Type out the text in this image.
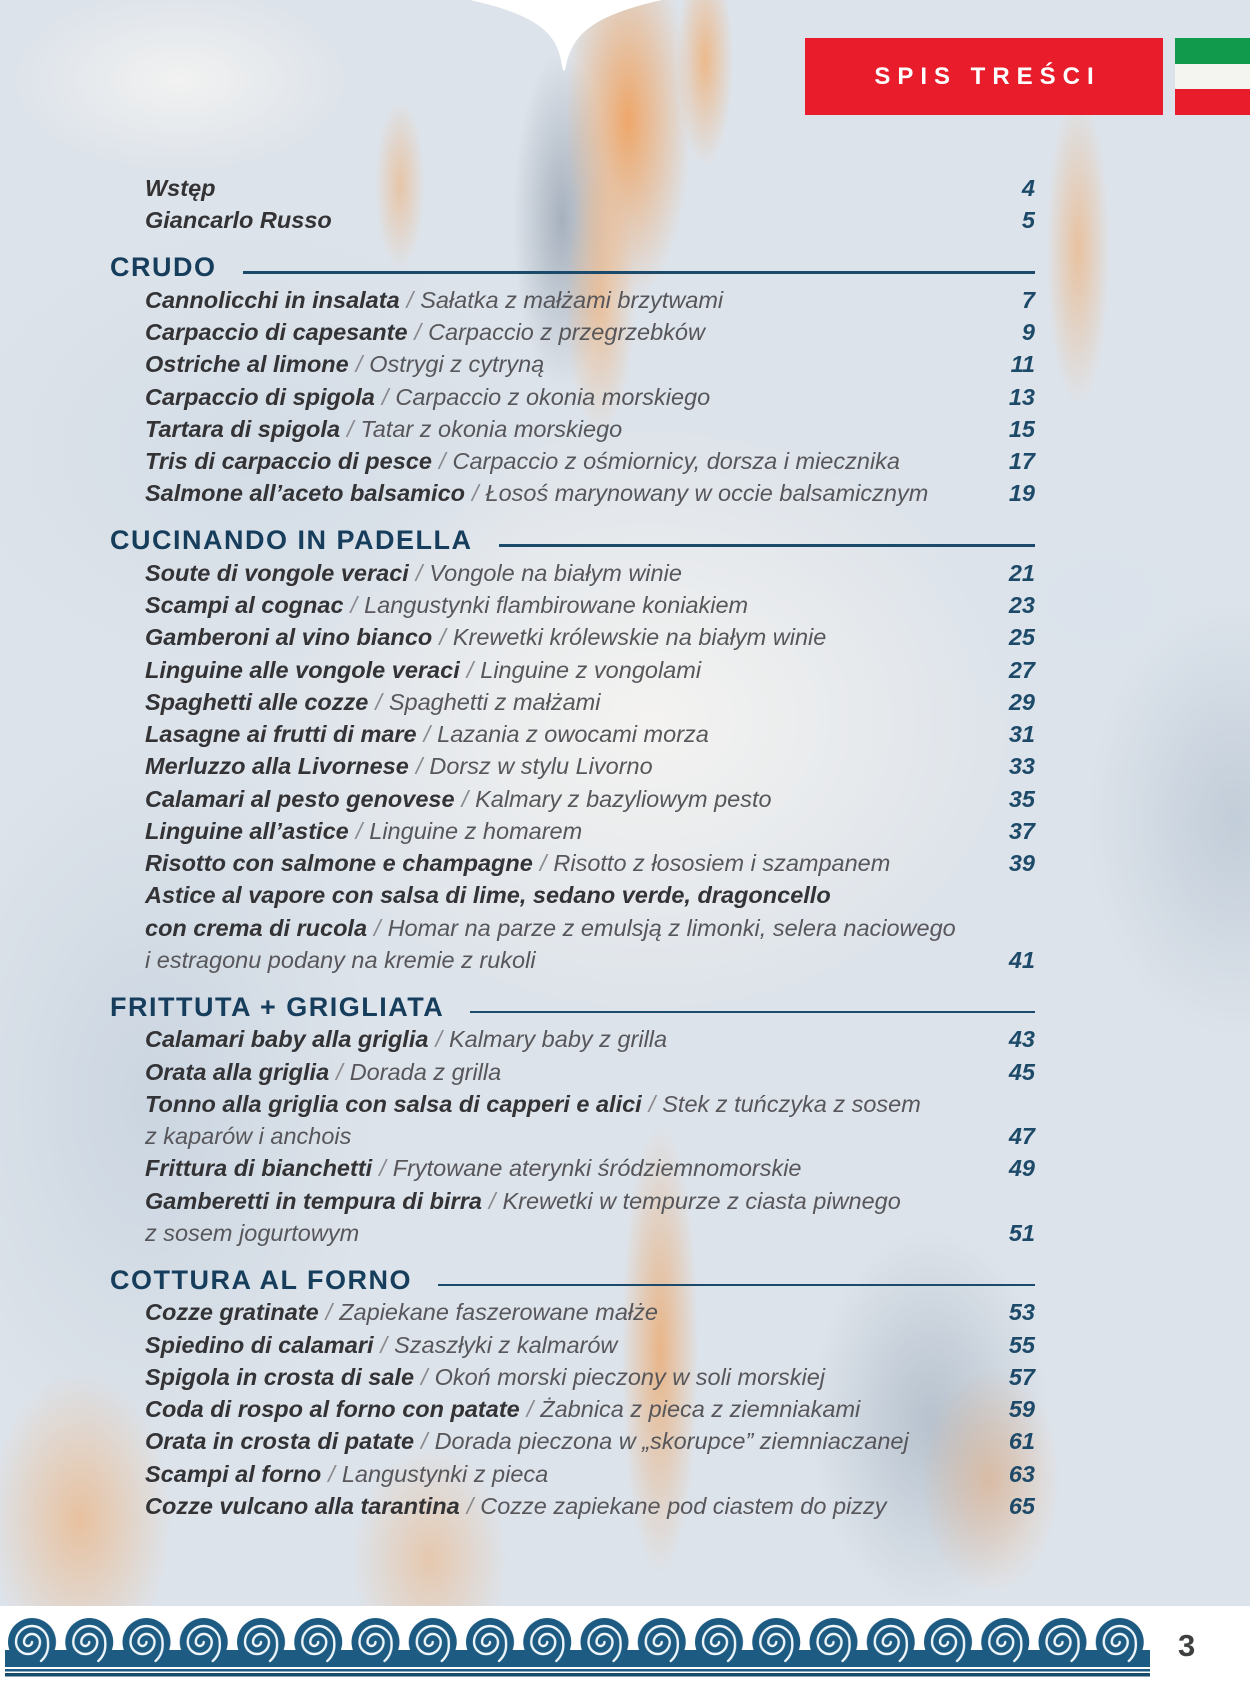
SPIS TREŚCI
Wstęp	4
Giancarlo Russo	5
CRUDO
Cannolicchi in insalata / Sałatka z małżami brzytwami	7
Carpaccio di capesante / Carpaccio z przegrzebków	9
Ostriche al limone / Ostrygi z cytryną	11
Carpaccio di spigola / Carpaccio z okonia morskiego	13
Tartara di spigola / Tatar z okonia morskiego	15
Tris di carpaccio di pesce / Carpaccio z ośmiornicy, dorsza i miecznika	17
Salmone all’aceto balsamico / Łosoś marynowany w occie balsamicznym	19
CUCINANDO IN PADELLA
Soute di vongole veraci / Vongole na białym winie	21
Scampi al cognac / Langustynki flambirowane koniakiem	23
Gamberoni al vino bianco / Krewetki królewskie na białym winie	25
Linguine alle vongole veraci / Linguine z vongolami	27
Spaghetti alle cozze / Spaghetti z małżami	29
Lasagne ai frutti di mare / Lazania z owocami morza	31
Merluzzo alla Livornese / Dorsz w stylu Livorno	33
Calamari al pesto genovese / Kalmary z bazyliowym pesto	35
Linguine all’astice / Linguine z homarem	37
Risotto con salmone e champagne / Risotto z łososiem i szampanem	39
Astice al vapore con salsa di lime, sedano verde, dragoncello
con crema di rucola / Homar na parze z emulsją z limonki, selera naciowego
i estragonu podany na kremie z rukoli	41
FRITTUTA + GRIGLIATA
Calamari baby alla griglia / Kalmary baby z grilla	43
Orata alla griglia / Dorada z grilla	45
Tonno alla griglia con salsa di capperi e alici / Stek z tuńczyka z sosem
z kaparów i anchois	47
Frittura di bianchetti / Frytowane aterynki śródziemnomorskie	49
Gamberetti in tempura di birra / Krewetki w tempurze z ciasta piwnego
z sosem jogurtowym	51
COTTURA AL FORNO
Cozze gratinate / Zapiekane faszerowane małże	53
Spiedino di calamari / Szaszłyki z kalmarów	55
Spigola in crosta di sale / Okoń morski pieczony w soli morskiej	57
Coda di rospo al forno con patate / Żabnica z pieca z ziemniakami	59
Orata in crosta di patate / Dorada pieczona w „skorupce” ziemniaczanej	61
Scampi al forno / Langustynki z pieca	63
Cozze vulcano alla tarantina / Cozze zapiekane pod ciastem do pizzy	65
3
